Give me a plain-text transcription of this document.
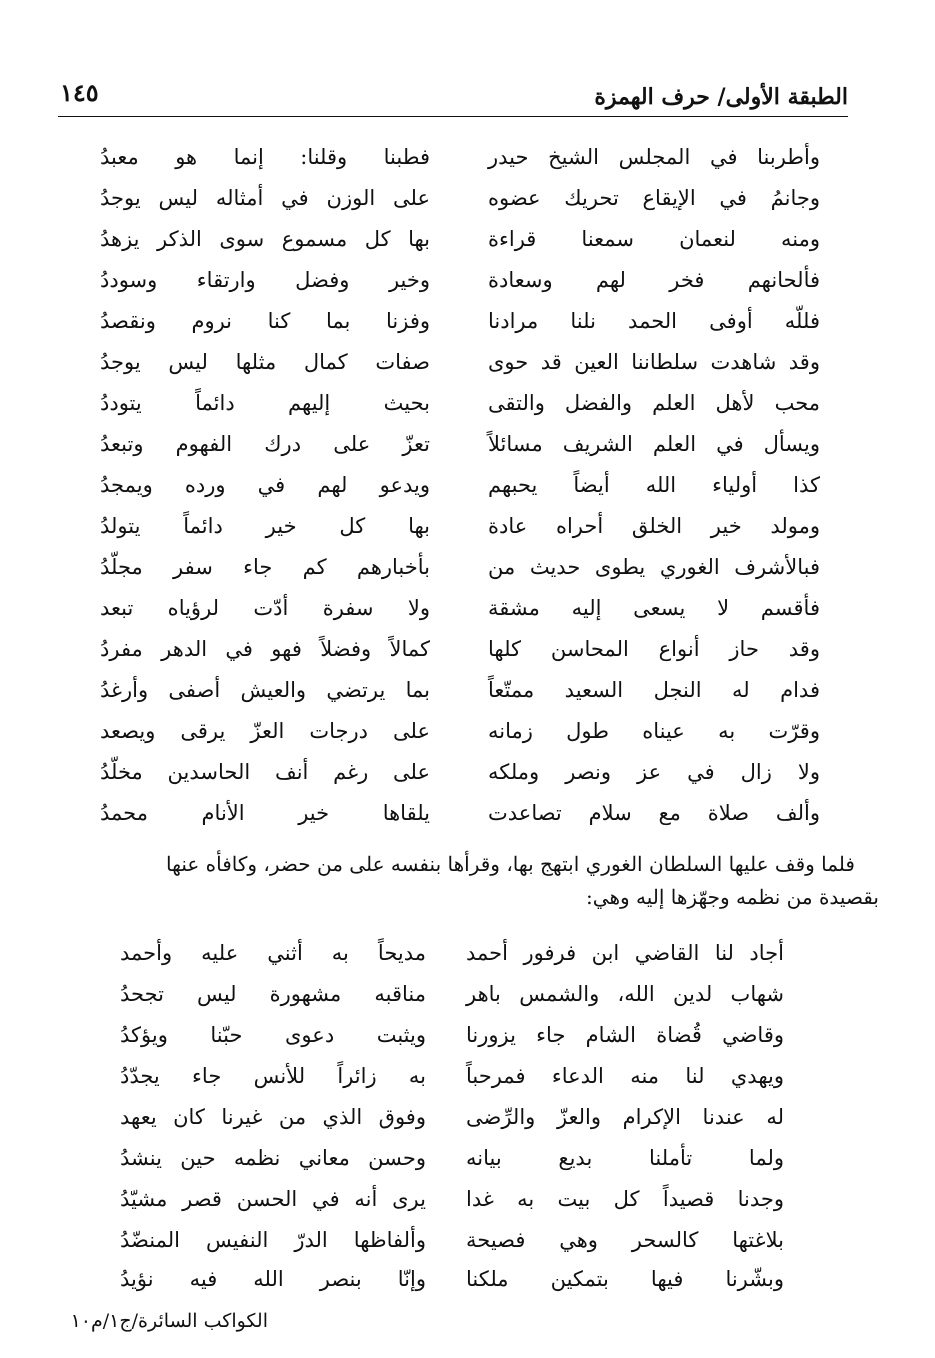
الطبقة الأولى/ حرف الهمزة
١٤٥
وأطربنا في المجلس الشيخ حيدر
فطبنا وقلنا: إنما هو معبدُ
وجانمُ في الإيقاع تحريك عضوه
على الوزن في أمثاله ليس يوجدُ
ومنه لنعمان سمعنا قراءة
بها كل مسموع سوى الذكر يزهدُ
فألحانهم فخر لهم وسعادة
وخير وفضل وارتقاء وسوددُ
فللّه أوفى الحمد نلنا مرادنا
وفزنا بما كنا نروم ونقصدُ
وقد شاهدت سلطاننا العين قد حوى
صفات كمال مثلها ليس يوجدُ
محب لأهل العلم والفضل والتقى
بحيث إليهم دائماً يتوددُ
ويسأل في العلم الشريف مسائلاً
تعزّ على درك الفهوم وتبعدُ
كذا أولياء الله أيضاً يحبهم
ويدعو لهم في ورده ويمجدُ
ومولد خير الخلق أحراه عادة
بها كل خير دائماً يتولدُ
فبالأشرف الغوري يطوى حديث من
بأخبارهم كم جاء سفر مجلّدُ
فأقسم لا يسعى إليه مشقة
ولا سفرة أدّت لرؤياه تبعد
وقد حاز أنواع المحاسن كلها
كمالاً وفضلاً فهو في الدهر مفردُ
فدام له النجل السعيد ممتّعاً
بما يرتضي والعيش أصفى وأرغدُ
وقرّت به عيناه طول زمانه
على درجات العزّ يرقى ويصعد
ولا زال في عز ونصر وملكه
على رغم أنف الحاسدين مخلّدُ
وألف صلاة مع سلام تصاعدت
يلقاها خير الأنام محمدُ

فلما وقف عليها السلطان الغوري ابتهج بها، وقرأها بنفسه على من حضر، وكافأه عنها

بقصيدة من نظمه وجهّزها إليه وهي:

أجاد لنا القاضي ابن فرفور أحمد
مديحاً به أثني عليه وأحمد
شهاب لدين الله، والشمس باهر
مناقبه مشهورة ليس تجحدُ
وقاضي قُضاة الشام جاء يزورنا
ويثبت دعوى حبّنا ويؤكدُ
ويهدي لنا منه الدعاء فمرحباً
به زائراً للأنس جاء يجدّدُ
له عندنا الإكرام والعزّ والرِّضى
وفوق الذي من غيرنا كان يعهد
ولما تأملنا بديع بيانه
وحسن معاني نظمه حين ينشدُ
وجدنا قصيداً كل بيت به غدا
يرى أنه في الحسن قصر مشيّدُ
بلاغتها كالسحر وهي فصيحة
وألفاظها الدرّ النفيس المنضّدُ
وبشّرنا فيها بتمكين ملكنا
وإنّا بنصر الله فيه نؤيدُ
الكواكب السائرة/ج١/م١٠
